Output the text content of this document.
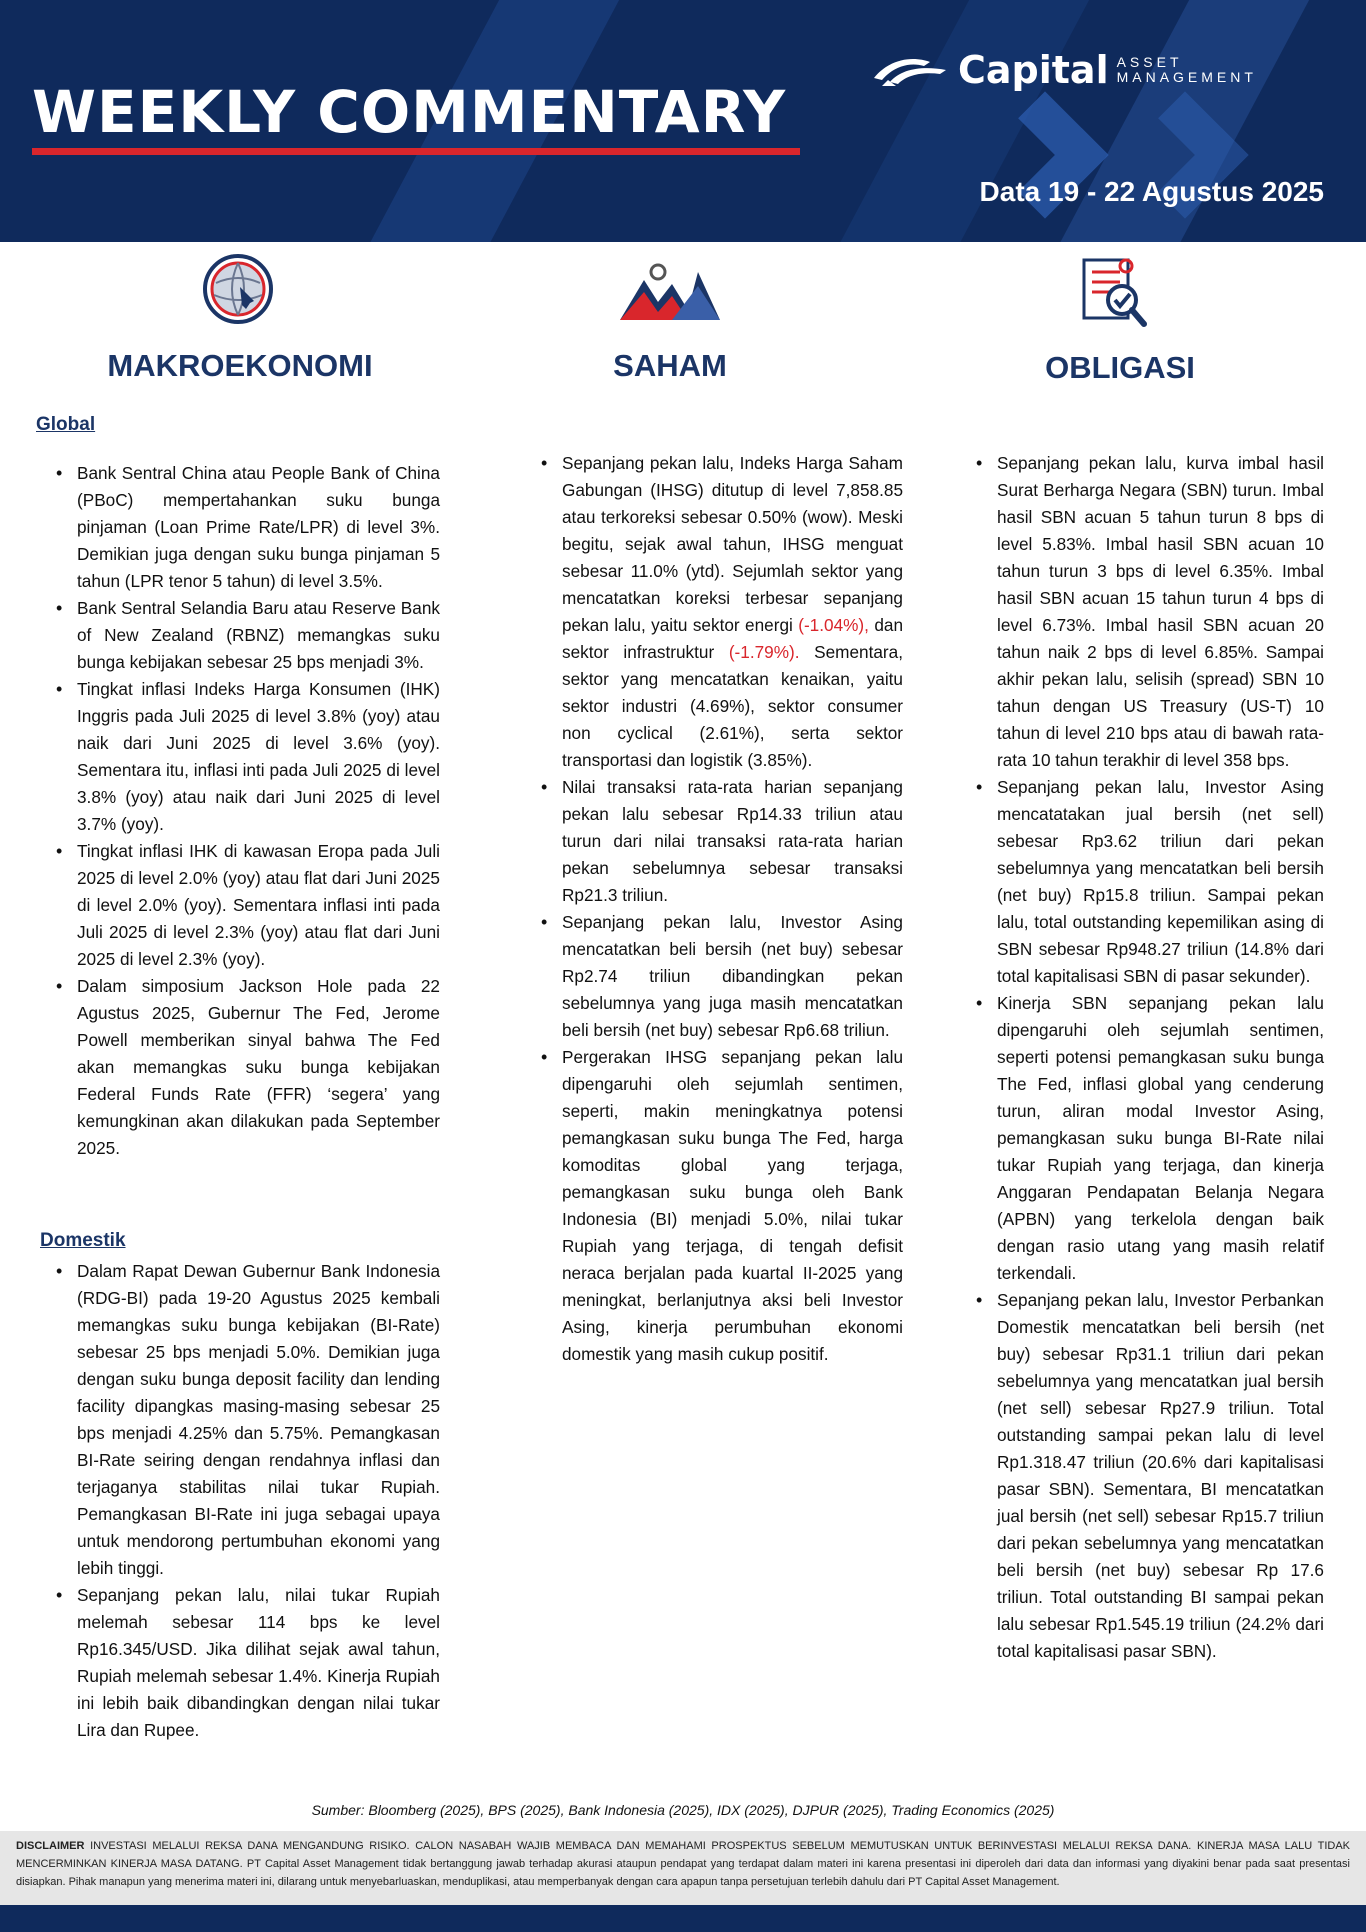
WEEKLY COMMENTARY
Capital ASSET
MANAGEMENT
Data 19 - 22 Agustus 2025
MAKROEKONOMI	SAHAM	OBLIGASI
Global
• Bank Sentral China atau People Bank of China (PBoC) mempertahankan suku bunga pinjaman (Loan Prime Rate/LPR) di level 3%. Demikian juga dengan suku bunga pinjaman 5 tahun (LPR tenor 5 tahun) di level 3.5%.
• Bank Sentral Selandia Baru atau Reserve Bank of New Zealand (RBNZ) memangkas suku bunga kebijakan sebesar 25 bps menjadi 3%.
• Tingkat inflasi Indeks Harga Konsumen (IHK) Inggris pada Juli 2025 di level 3.8% (yoy) atau naik dari Juni 2025 di level 3.6% (yoy). Sementara itu, inflasi inti pada Juli 2025 di level 3.8% (yoy) atau naik dari Juni 2025 di level 3.7% (yoy).
• Tingkat inflasi IHK di kawasan Eropa pada Juli 2025 di level 2.0% (yoy) atau flat dari Juni 2025 di level 2.0% (yoy). Sementara inflasi inti pada Juli 2025 di level 2.3% (yoy) atau flat dari Juni 2025 di level 2.3% (yoy).
• Dalam simposium Jackson Hole pada 22 Agustus 2025, Gubernur The Fed, Jerome Powell memberikan sinyal bahwa The Fed akan memangkas suku bunga kebijakan Federal Funds Rate (FFR) ‘segera’ yang kemungkinan akan dilakukan pada September 2025.
Domestik
• Dalam Rapat Dewan Gubernur Bank Indonesia (RDG-BI) pada 19-20 Agustus 2025 kembali memangkas suku bunga kebijakan (BI-Rate) sebesar 25 bps menjadi 5.0%. Demikian juga dengan suku bunga deposit facility dan lending facility dipangkas masing-masing sebesar 25 bps menjadi 4.25% dan 5.75%. Pemangkasan BI-Rate seiring dengan rendahnya inflasi dan terjaganya stabilitas nilai tukar Rupiah. Pemangkasan BI-Rate ini juga sebagai upaya untuk mendorong pertumbuhan ekonomi yang lebih tinggi.
• Sepanjang pekan lalu, nilai tukar Rupiah melemah sebesar 114 bps ke level Rp16.345/USD. Jika dilihat sejak awal tahun, Rupiah melemah sebesar 1.4%. Kinerja Rupiah ini lebih baik dibandingkan dengan nilai tukar Lira dan Rupee.
• Sepanjang pekan lalu, Indeks Harga Saham Gabungan (IHSG) ditutup di level 7,858.85 atau terkoreksi sebesar 0.50% (wow). Meski begitu, sejak awal tahun, IHSG menguat sebesar 11.0% (ytd). Sejumlah sektor yang mencatatkan koreksi terbesar sepanjang pekan lalu, yaitu sektor energi (-1.04%), dan sektor infrastruktur (-1.79%). Sementara, sektor yang mencatatkan kenaikan, yaitu sektor industri (4.69%), sektor consumer non cyclical (2.61%), serta sektor transportasi dan logistik (3.85%).
• Nilai transaksi rata-rata harian sepanjang pekan lalu sebesar Rp14.33 triliun atau turun dari nilai transaksi rata-rata harian pekan sebelumnya sebesar transaksi Rp21.3 triliun.
• Sepanjang pekan lalu, Investor Asing mencatatkan beli bersih (net buy) sebesar Rp2.74 triliun dibandingkan pekan sebelumnya yang juga masih mencatatkan beli bersih (net buy) sebesar Rp6.68 triliun.
• Pergerakan IHSG sepanjang pekan lalu dipengaruhi oleh sejumlah sentimen, seperti, makin meningkatnya potensi pemangkasan suku bunga The Fed, harga komoditas global yang terjaga, pemangkasan suku bunga oleh Bank Indonesia (BI) menjadi 5.0%, nilai tukar Rupiah yang terjaga, di tengah defisit neraca berjalan pada kuartal II-2025 yang meningkat, berlanjutnya aksi beli Investor Asing, kinerja perumbuhan ekonomi domestik yang masih cukup positif.
• Sepanjang pekan lalu, kurva imbal hasil Surat Berharga Negara (SBN) turun. Imbal hasil SBN acuan 5 tahun turun 8 bps di level 5.83%. Imbal hasil SBN acuan 10 tahun turun 3 bps di level 6.35%. Imbal hasil SBN acuan 15 tahun turun 4 bps di level 6.73%. Imbal hasil SBN acuan 20 tahun naik 2 bps di level 6.85%. Sampai akhir pekan lalu, selisih (spread) SBN 10 tahun dengan US Treasury (US-T) 10 tahun di level 210 bps atau di bawah rata-rata 10 tahun terakhir di level 358 bps.
• Sepanjang pekan lalu, Investor Asing mencatatakan jual bersih (net sell) sebesar Rp3.62 triliun dari pekan sebelumnya yang mencatatkan beli bersih (net buy) Rp15.8 triliun. Sampai pekan lalu, total outstanding kepemilikan asing di SBN sebesar Rp948.27 triliun (14.8% dari total kapitalisasi SBN di pasar sekunder).
• Kinerja SBN sepanjang pekan lalu dipengaruhi oleh sejumlah sentimen, seperti potensi pemangkasan suku bunga The Fed, inflasi global yang cenderung turun, aliran modal Investor Asing, pemangkasan suku bunga BI-Rate nilai tukar Rupiah yang terjaga, dan kinerja Anggaran Pendapatan Belanja Negara (APBN) yang terkelola dengan baik dengan rasio utang yang masih relatif terkendali.
• Sepanjang pekan lalu, Investor Perbankan Domestik mencatatkan beli bersih (net buy) sebesar Rp31.1 triliun dari pekan sebelumnya yang mencatatkan jual bersih (net sell) sebesar Rp27.9 triliun. Total outstanding sampai pekan lalu di level Rp1.318.47 triliun (20.6% dari kapitalisasi pasar SBN). Sementara, BI mencatatkan jual bersih (net sell) sebesar Rp15.7 triliun dari pekan sebelumnya yang mencatatkan beli bersih (net buy) sebesar Rp 17.6 triliun. Total outstanding BI sampai pekan lalu sebesar Rp1.545.19 triliun (24.2% dari total kapitalisasi pasar SBN).
Sumber: Bloomberg (2025), BPS (2025), Bank Indonesia (2025), IDX (2025), DJPUR (2025), Trading Economics (2025)
DISCLAIMER INVESTASI MELALUI REKSA DANA MENGANDUNG RISIKO. CALON NASABAH WAJIB MEMBACA DAN MEMAHAMI PROSPEKTUS SEBELUM MEMUTUSKAN UNTUK BERINVESTASI MELALUI REKSA DANA. KINERJA MASA LALU TIDAK MENCERMINKAN KINERJA MASA DATANG. PT Capital Asset Management tidak bertanggung jawab terhadap akurasi ataupun pendapat yang terdapat dalam materi ini karena presentasi ini diperoleh dari data dan informasi yang diyakini benar pada saat presentasi disiapkan. Pihak manapun yang menerima materi ini, dilarang untuk menyebarluaskan, menduplikasi, atau memperbanyak dengan cara apapun tanpa persetujuan terlebih dahulu dari PT Capital Asset Management.
